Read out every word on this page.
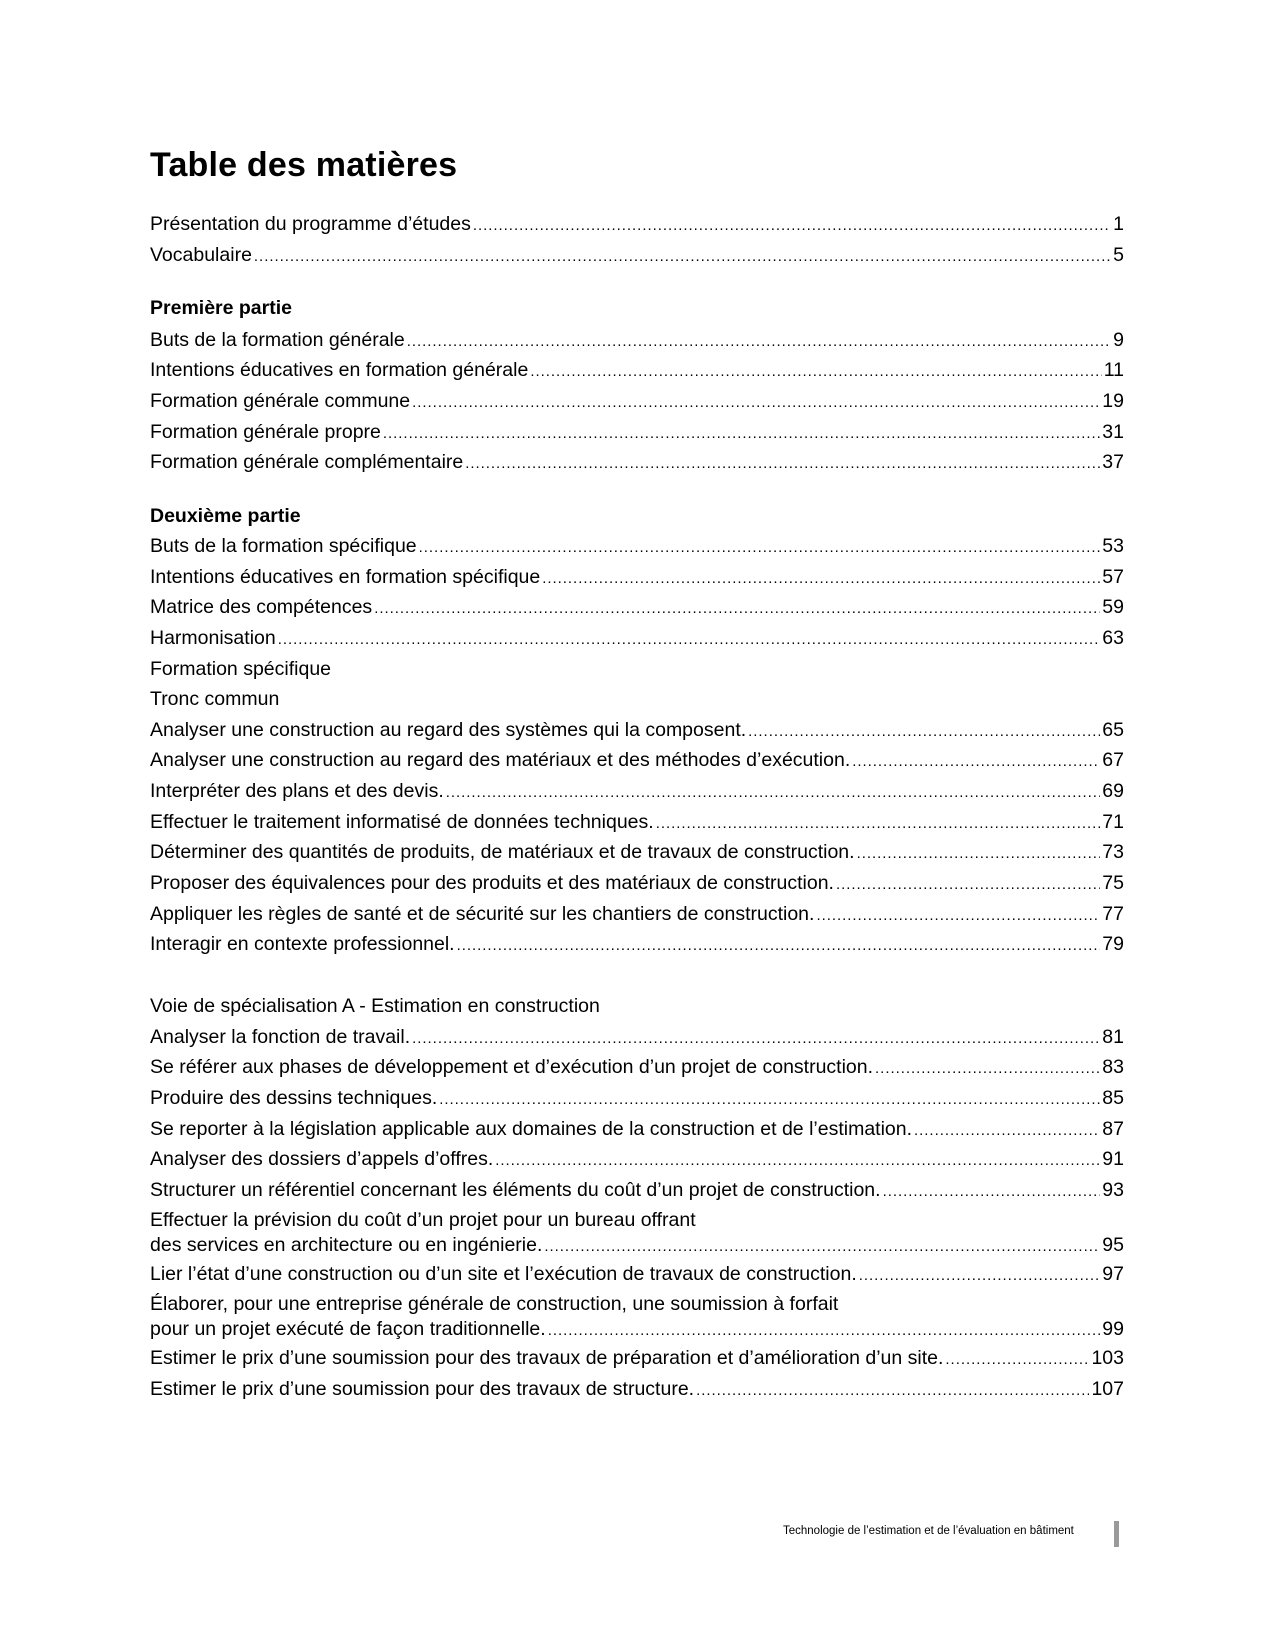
Table des matières
Présentation du programme d’études . . .	1
Vocabulaire . . .	5
Première partie
Buts de la formation générale . . .	9
Intentions éducatives en formation générale . . .	11
Formation générale commune . . .	19
Formation générale propre . . .	31
Formation générale complémentaire . . .	37
Deuxième partie
Buts de la formation spécifique . . .	53
Intentions éducatives en formation spécifique . . .	57
Matrice des compétences . . .	59
Harmonisation . . .	63
Formation spécifique
Tronc commun
Analyser une construction au regard des systèmes qui la composent. . . .	65
Analyser une construction au regard des matériaux et des méthodes d’exécution. . . .	67
Interpréter des plans et des devis. . . .	69
Effectuer le traitement informatisé de données techniques. . . .	71
Déterminer des quantités de produits, de matériaux et de travaux de construction. . . .	73
Proposer des équivalences pour des produits et des matériaux de construction. . . .	75
Appliquer les règles de santé et de sécurité sur les chantiers de construction. . . .	77
Interagir en contexte professionnel. . . .	79
Voie de spécialisation A - Estimation en construction
Analyser la fonction de travail. . . .	81
Se référer aux phases de développement et d’exécution d’un projet de construction. . . .	83
Produire des dessins techniques. . . .	85
Se reporter à la législation applicable aux domaines de la construction et de l’estimation. . . .	87
Analyser des dossiers d’appels d’offres. . . .	91
Structurer un référentiel concernant les éléments du coût d’un projet de construction. . . .	93
Effectuer la prévision du coût d’un projet pour un bureau offrant
des services en architecture ou en ingénierie. . . .	95
Lier l’état d’une construction ou d’un site et l’exécution de travaux de construction. . . .	97
Élaborer, pour une entreprise générale de construction, une soumission à forfait
pour un projet exécuté de façon traditionnelle. . . .	99
Estimer le prix d’une soumission pour des travaux de préparation et d’amélioration d’un site. . . .	103
Estimer le prix d’une soumission pour des travaux de structure. . . .	107
Technologie de l’estimation et de l’évaluation en bâtiment
